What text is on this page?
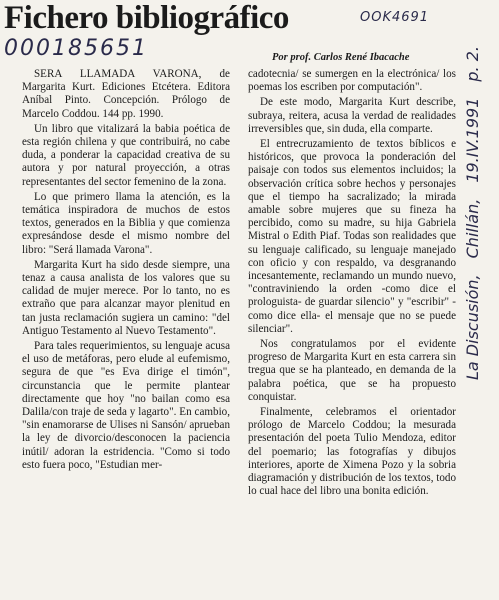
Fichero bibliográfico	OOK4691
000185651	Por prof. Carlos René Ibacache

SERA LLAMADA VARONA, de Margarita Kurt. Ediciones Etcétera. Editora Aníbal Pinto. Concepción. Prólogo de Marcelo Coddou. 144 pp. 1990.

Un libro que vitalizará la babia poética de esta región chilena y que contribuirá, no cabe duda, a ponderar la capacidad creativa de su autora y por natural proyección, a otras representantes del sector femenino de la zona.

Lo que primero llama la atención, es la temática inspiradora de muchos de estos textos, generados en la Biblia y que comienza expresándose desde el mismo nombre del libro: "Será llamada Varona".

Margarita Kurt ha sido desde siempre, una tenaz a causa analista de los valores que su calidad de mujer merece. Por lo tanto, no es extraño que para alcanzar mayor plenitud en tan justa reclamación sugiera un camino: "del Antiguo Testamento al Nuevo Testamento".

Para tales requerimientos, su lenguaje acusa el uso de metáforas, pero elude al eufemismo, segura de que "es Eva dirige el timón", circunstancia que le permite plantear directamente que hoy "no bailan como esa Dalila/con traje de seda y lagarto". En cambio, "sin enamorarse de Ulises ni Sansón/ aprueban la ley de divorcio/desconocen la paciencia inútil/ adoran la estridencia. "Como si todo esto fuera poco, "Estudian mer-

cadotecnia/ se sumergen en la electrónica/ los poemas los escriben por computación".

De este modo, Margarita Kurt describe, subraya, reitera, acusa la verdad de realidades irreversibles que, sin duda, ella comparte.

El entrecruzamiento de textos bíblicos e históricos, que provoca la ponderación del paisaje con todos sus elementos incluidos; la observación crítica sobre hechos y personajes que el tiempo ha sacralizado; la mirada amable sobre mujeres que su fineza ha percibido, como su madre, su hija Gabriela Mistral o Edith Piaf. Todas son realidades que su lenguaje calificado, su lenguaje manejado con oficio y con respaldo, va desgranando incesantemente, reclamando un mundo nuevo, "contraviniendo la orden -como dice el prologuista- de guardar silencio" y "escribir" -como dice ella- el mensaje que no se puede silenciar".

Nos congratulamos por el evidente progreso de Margarita Kurt en esta carrera sin tregua que se ha planteado, en demanda de la palabra poética, que se ha propuesto conquistar.

Finalmente, celebramos el orientador prólogo de Marcelo Coddou; la mesurada presentación del poeta Tulio Mendoza, editor del poemario; las fotografías y dibujos interiores, aporte de Ximena Pozo y la sobria diagramación y distribución de los textos, todo lo cual hace del libro una bonita edición.

La Discusión,Chillán,19.IV.1991p. 2.
